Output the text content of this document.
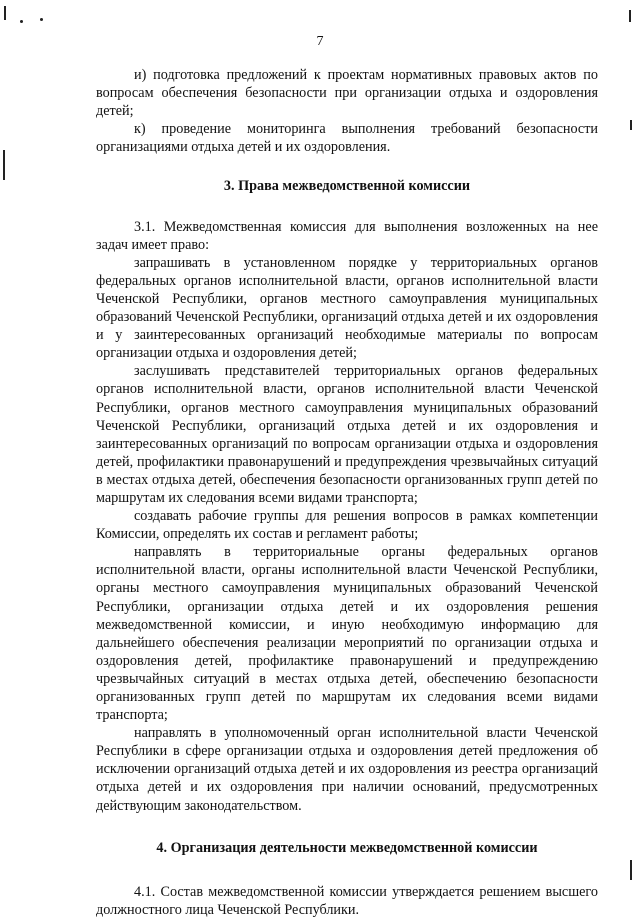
7

и) подготовка предложений к проектам нормативных правовых актов по вопросам обеспечения безопасности при организации отдыха и оздоровления детей;

к) проведение мониторинга выполнения требований безопасности организациями отдыха детей и их оздоровления.

3. Права межведомственной комиссии

3.1. Межведомственная комиссия для выполнения возложенных на нее задач имеет право:

запрашивать в установленном порядке у территориальных органов федеральных органов исполнительной власти, органов исполнительной власти Чеченской Республики, органов местного самоуправления муниципальных образований Чеченской Республики, организаций отдыха детей и их оздоровления и у заинтересованных организаций необходимые материалы по вопросам организации отдыха и оздоровления детей;

заслушивать представителей территориальных органов федеральных органов исполнительной власти, органов исполнительной власти Чеченской Республики, органов местного самоуправления муниципальных образований Чеченской Республики, организаций отдыха детей и их оздоровления и заинтересованных организаций по вопросам организации отдыха и оздоровления детей, профилактики правонарушений и предупреждения чрезвычайных ситуаций в местах отдыха детей, обеспечения безопасности организованных групп детей по маршрутам их следования всеми видами транспорта;

создавать рабочие группы для решения вопросов в рамках компетенции Комиссии, определять их состав и регламент работы;

направлять в территориальные органы федеральных органов исполнительной власти, органы исполнительной власти Чеченской Республики, органы местного самоуправления муниципальных образований Чеченской Республики, организации отдыха детей и их оздоровления решения межведомственной комиссии, и иную необходимую информацию для дальнейшего обеспечения реализации мероприятий по организации отдыха и оздоровления детей, профилактике правонарушений и предупреждению чрезвычайных ситуаций в местах отдыха детей, обеспечению безопасности организованных групп детей по маршрутам их следования всеми видами транспорта;

направлять в уполномоченный орган исполнительной власти Чеченской Республики в сфере организации отдыха и оздоровления детей предложения об исключении организаций отдыха детей и их оздоровления из реестра организаций отдыха детей и их оздоровления при наличии оснований, предусмотренных действующим законодательством.

4. Организация деятельности межведомственной комиссии

4.1. Состав межведомственной комиссии утверждается решением высшего должностного лица Чеченской Республики.
